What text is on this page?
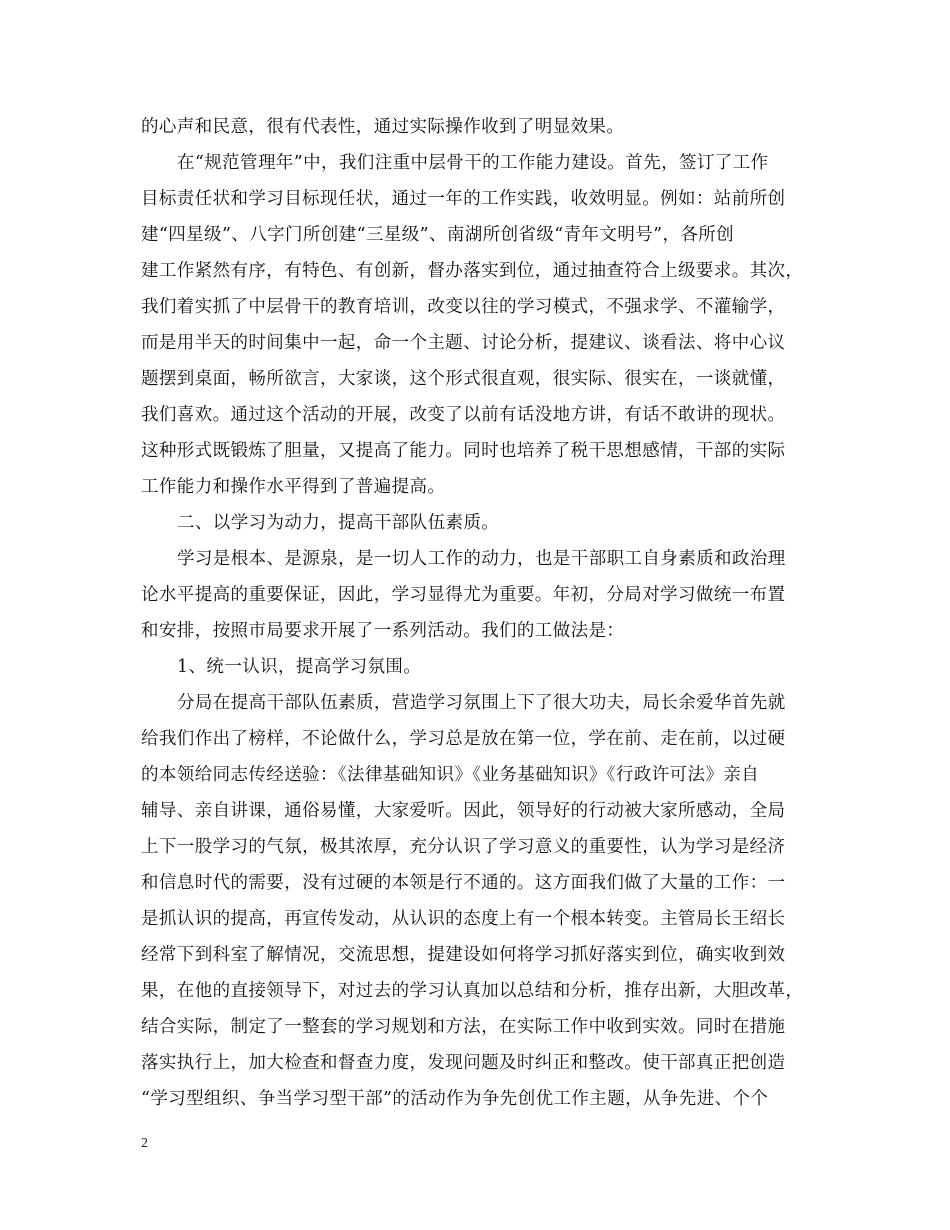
的心声和民意，很有代表性，通过实际操作收到了明显效果。
在“规范管理年”中，我们注重中层骨干的工作能力建设。首先，签订了工作
目标责任状和学习目标现任状，通过一年的工作实践，收效明显。例如：站前所创
建“四星级”、八字门所创建“三星级”、南湖所创省级“青年文明号”，各所创
建工作紧然有序，有特色、有创新，督办落实到位，通过抽查符合上级要求。其次，
我们着实抓了中层骨干的教育培训，改变以往的学习模式，不强求学、不灌输学，
而是用半天的时间集中一起，命一个主题、讨论分析，提建议、谈看法、将中心议
题摆到桌面，畅所欲言，大家谈，这个形式很直观，很实际、很实在，一谈就懂，
我们喜欢。通过这个活动的开展，改变了以前有话没地方讲，有话不敢讲的现状。
这种形式既锻炼了胆量，又提高了能力。同时也培养了税干思想感情，干部的实际
工作能力和操作水平得到了普遍提高。
二、以学习为动力，提高干部队伍素质。
学习是根本、是源泉，是一切人工作的动力，也是干部职工自身素质和政治理
论水平提高的重要保证，因此，学习显得尤为重要。年初，分局对学习做统一布置
和安排，按照市局要求开展了一系列活动。我们的工做法是：
1、统一认识，提高学习氛围。
分局在提高干部队伍素质，营造学习氛围上下了很大功夫，局长余爱华首先就
给我们作出了榜样，不论做什么，学习总是放在第一位，学在前、走在前，以过硬
的本领给同志传经送验：《法律基础知识》《业务基础知识》《行政许可法》亲自
辅导、亲自讲课，通俗易懂，大家爱听。因此，领导好的行动被大家所感动，全局
上下一股学习的气氛，极其浓厚，充分认识了学习意义的重要性，认为学习是经济
和信息时代的需要，没有过硬的本领是行不通的。这方面我们做了大量的工作：一
是抓认识的提高，再宣传发动，从认识的态度上有一个根本转变。主管局长王绍长
经常下到科室了解情况，交流思想，提建设如何将学习抓好落实到位，确实收到效
果，在他的直接领导下，对过去的学习认真加以总结和分析，推存出新，大胆改革，
结合实际，制定了一整套的学习规划和方法，在实际工作中收到实效。同时在措施
落实执行上，加大检查和督查力度，发现问题及时纠正和整改。使干部真正把创造
“学习型组织、争当学习型干部”的活动作为争先创优工作主题，从争先进、个个
2
